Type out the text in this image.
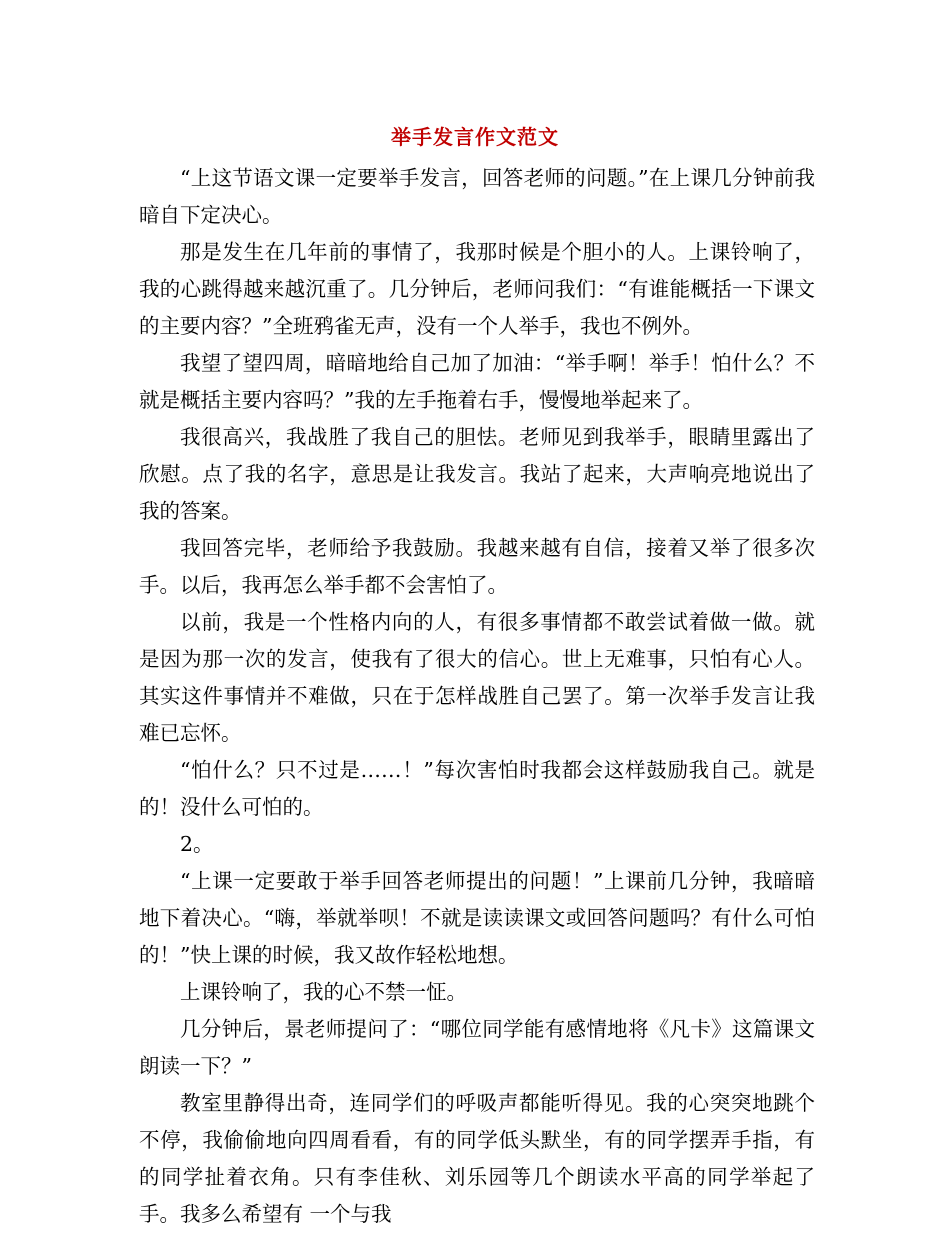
举手发言作文范文

“上这节语文课一定要举手发言，回答老师的问题。”在上课几分钟前我暗自下定决心。

那是发生在几年前的事情了，我那时候是个胆小的人。上课铃响了，我的心跳得越来越沉重了。几分钟后，老师问我们：“有谁能概括一下课文的主要内容？”全班鸦雀无声，没有一个人举手，我也不例外。

我望了望四周，暗暗地给自己加了加油：“举手啊！举手！怕什么？不就是概括主要内容吗？”我的左手拖着右手，慢慢地举起来了。

我很高兴，我战胜了我自己的胆怯。老师见到我举手，眼睛里露出了欣慰。点了我的名字，意思是让我发言。我站了起来，大声响亮地说出了我的答案。

我回答完毕，老师给予我鼓励。我越来越有自信，接着又举了很多次手。以后，我再怎么举手都不会害怕了。

以前，我是一个性格内向的人，有很多事情都不敢尝试着做一做。就是因为那一次的发言，使我有了很大的信心。世上无难事，只怕有心人。其实这件事情并不难做，只在于怎样战胜自己罢了。第一次举手发言让我难已忘怀。

“怕什么？只不过是……！”每次害怕时我都会这样鼓励我自己。就是的！没什么可怕的。

2。

“上课一定要敢于举手回答老师提出的问题！”上课前几分钟，我暗暗地下着决心。“嗨，举就举呗！不就是读读课文或回答问题吗？有什么可怕的！”快上课的时候，我又故作轻松地想。

上课铃响了，我的心不禁一怔。

几分钟后，景老师提问了：“哪位同学能有感情地将《凡卡》这篇课文朗读一下？”

教室里静得出奇，连同学们的呼吸声都能听得见。我的心突突地跳个不停，我偷偷地向四周看看，有的同学低头默坐，有的同学摆弄手指，有的同学扯着衣角。只有李佳秋、刘乐园等几个朗读水平高的同学举起了手。我多么希望有 一个与我
